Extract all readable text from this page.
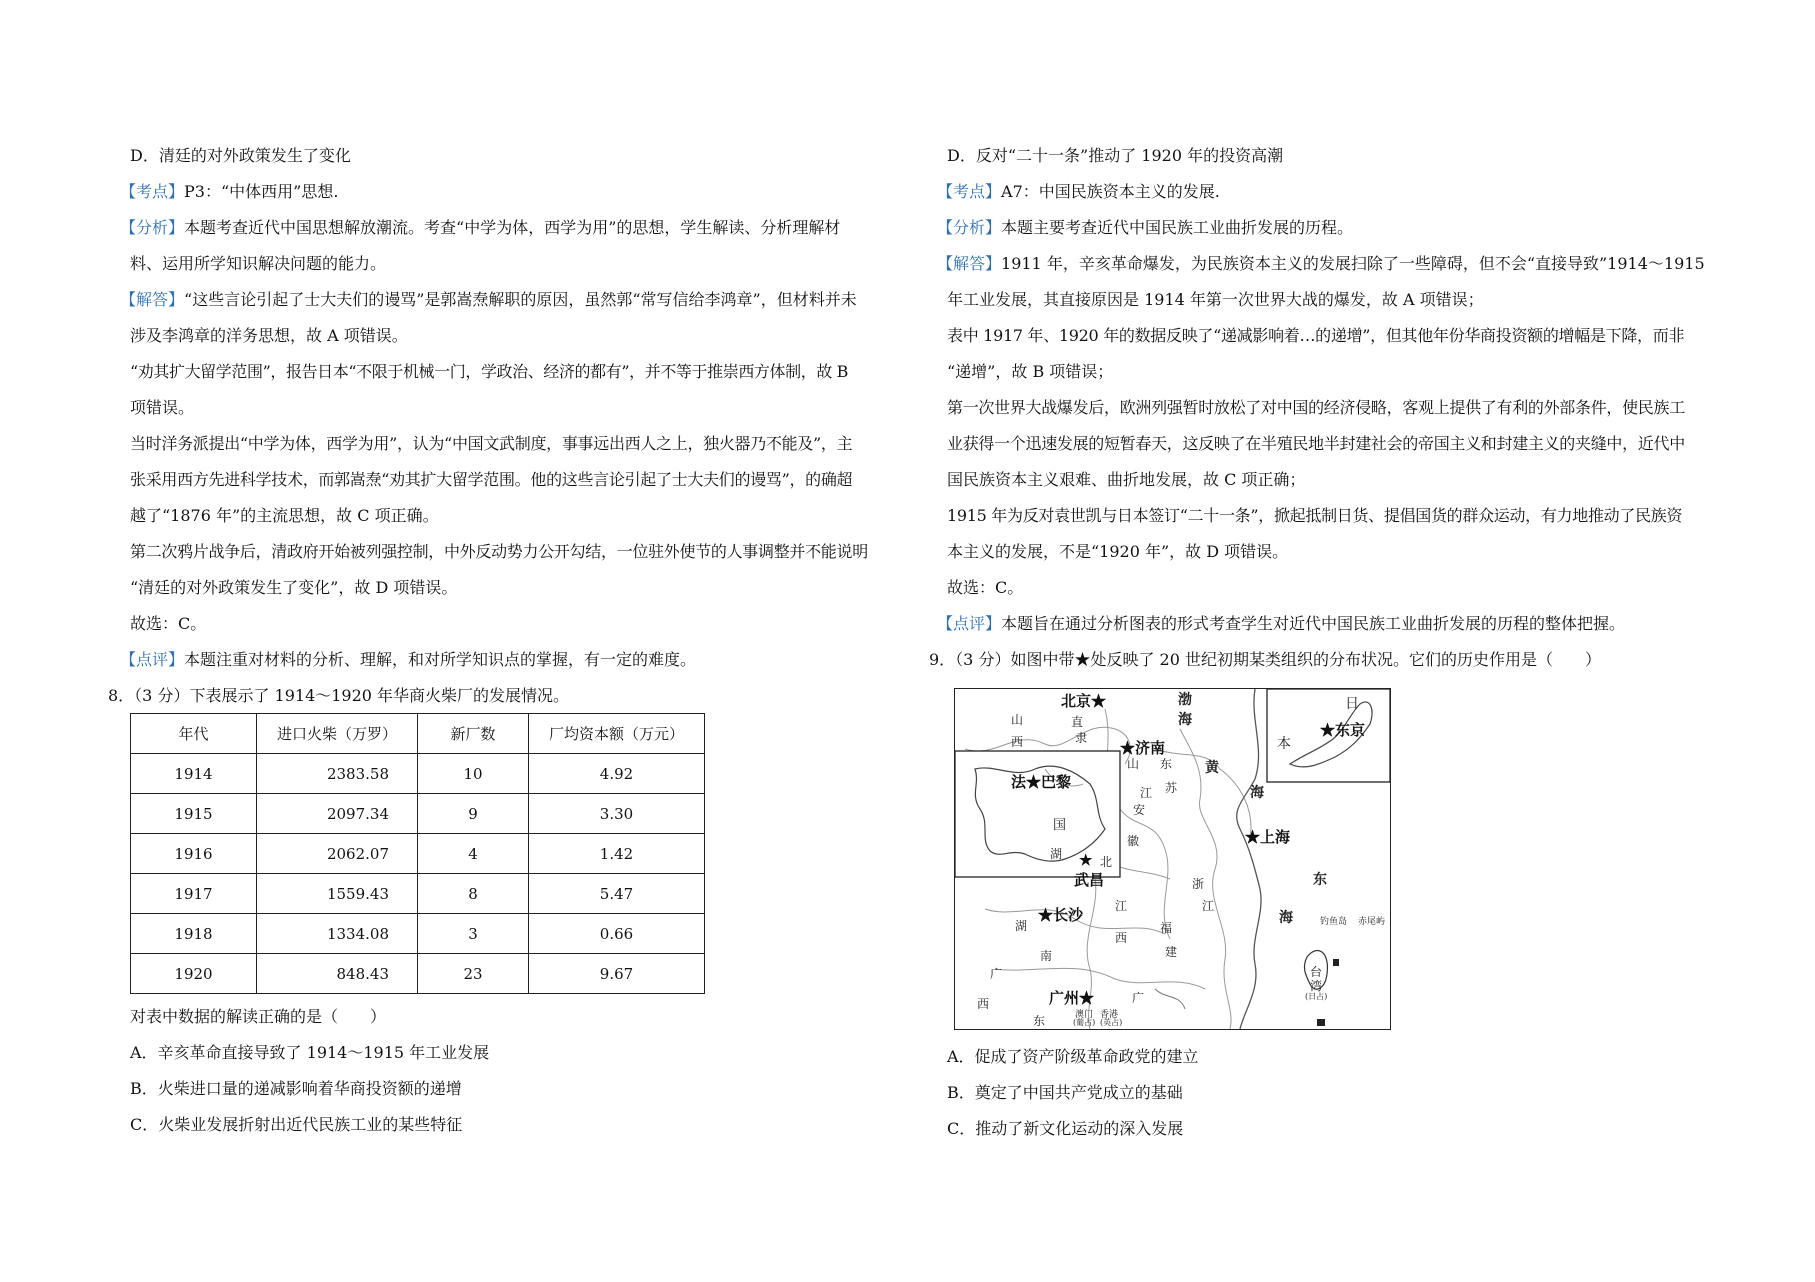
D．清廷的对外政策发生了变化
【考点】P3：“中体西用”思想.
【分析】本题考查近代中国思想解放潮流。考查“中学为体，西学为用”的思想，学生解读、分析理解材
料、运用所学知识解决问题的能力。
【解答】“这些言论引起了士大夫们的谩骂”是郭嵩焘解职的原因，虽然郭“常写信给李鸿章”，但材料并未
涉及李鸿章的洋务思想，故 A 项错误。
“劝其扩大留学范围”，报告日本“不限于机械一门，学政治、经济的都有”，并不等于推崇西方体制，故 B
项错误。
当时洋务派提出“中学为体，西学为用”，认为“中国文武制度，事事远出西人之上，独火器乃不能及”，主
张采用西方先进科学技术，而郭嵩焘“劝其扩大留学范围。他的这些言论引起了士大夫们的谩骂”，的确超
越了“1876 年”的主流思想，故 C 项正确。
第二次鸦片战争后，清政府开始被列强控制，中外反动势力公开勾结，一位驻外使节的人事调整并不能说明
“清廷的对外政策发生了变化”，故 D 项错误。
故选：C。
【点评】本题注重对材料的分析、理解，和对所学知识点的掌握，有一定的难度。
8．（3 分）下表展示了 1914～1920 年华商火柴厂的发展情况。
年代	进口火柴（万罗）	新厂数	厂均资本额（万元）
1914	2383.58	10	4.92
1915	2097.34	9	3.30
1916	2062.07	4	1.42
1917	1559.43	8	5.47
1918	1334.08	3	0.66
1920	848.43	23	9.67
对表中数据的解读正确的是（　　）
A．辛亥革命直接导致了 1914～1915 年工业发展
B．火柴进口量的递减影响着华商投资额的递增
C．火柴业发展折射出近代民族工业的某些特征
D．反对“二十一条”推动了 1920 年的投资高潮
【考点】A7：中国民族资本主义的发展.
【分析】本题主要考查近代中国民族工业曲折发展的历程。
【解答】1911 年，辛亥革命爆发，为民族资本主义的发展扫除了一些障碍，但不会“直接导致”1914～1915
年工业发展，其直接原因是 1914 年第一次世界大战的爆发，故 A 项错误；
表中 1917 年、1920 年的数据反映了“递减影响着…的递增”，但其他年份华商投资额的增幅是下降，而非
“递增”，故 B 项错误；
第一次世界大战爆发后，欧洲列强暂时放松了对中国的经济侵略，客观上提供了有利的外部条件，使民族工
业获得一个迅速发展的短暂春天，这反映了在半殖民地半封建社会的帝国主义和封建主义的夹缝中，近代中
国民族资本主义艰难、曲折地发展，故 C 项正确；
1915 年为反对袁世凯与日本签订“二十一条”，掀起抵制日货、提倡国货的群众运动，有力地推动了民族资
本主义的发展，不是“1920 年”，故 D 项错误。
故选：C。
【点评】本题旨在通过分析图表的形式考查学生对近代中国民族工业曲折发展的历程的整体把握。
9．（3 分）如图中带★处反映了 20 世纪初期某类组织的分布状况。它们的历史作用是（　　）
A．促成了资产阶级革命政党的建立
B．奠定了中国共产党成立的基础
C．推动了新文化运动的深入发展
北京★
★济南
法★巴黎
★东京
★上海
★
武昌
★长沙
广州★
山
西
直
隶
山 东
江 苏
安
徽
湖
北
江
西
湖
南
浙
江
福
建
广
西	广
东
国
日
本
台
湾
(日占)
澳门
(葡占)
香港
(英占)
钓鱼岛 赤尾屿
渤
海
黄
海
东
海
